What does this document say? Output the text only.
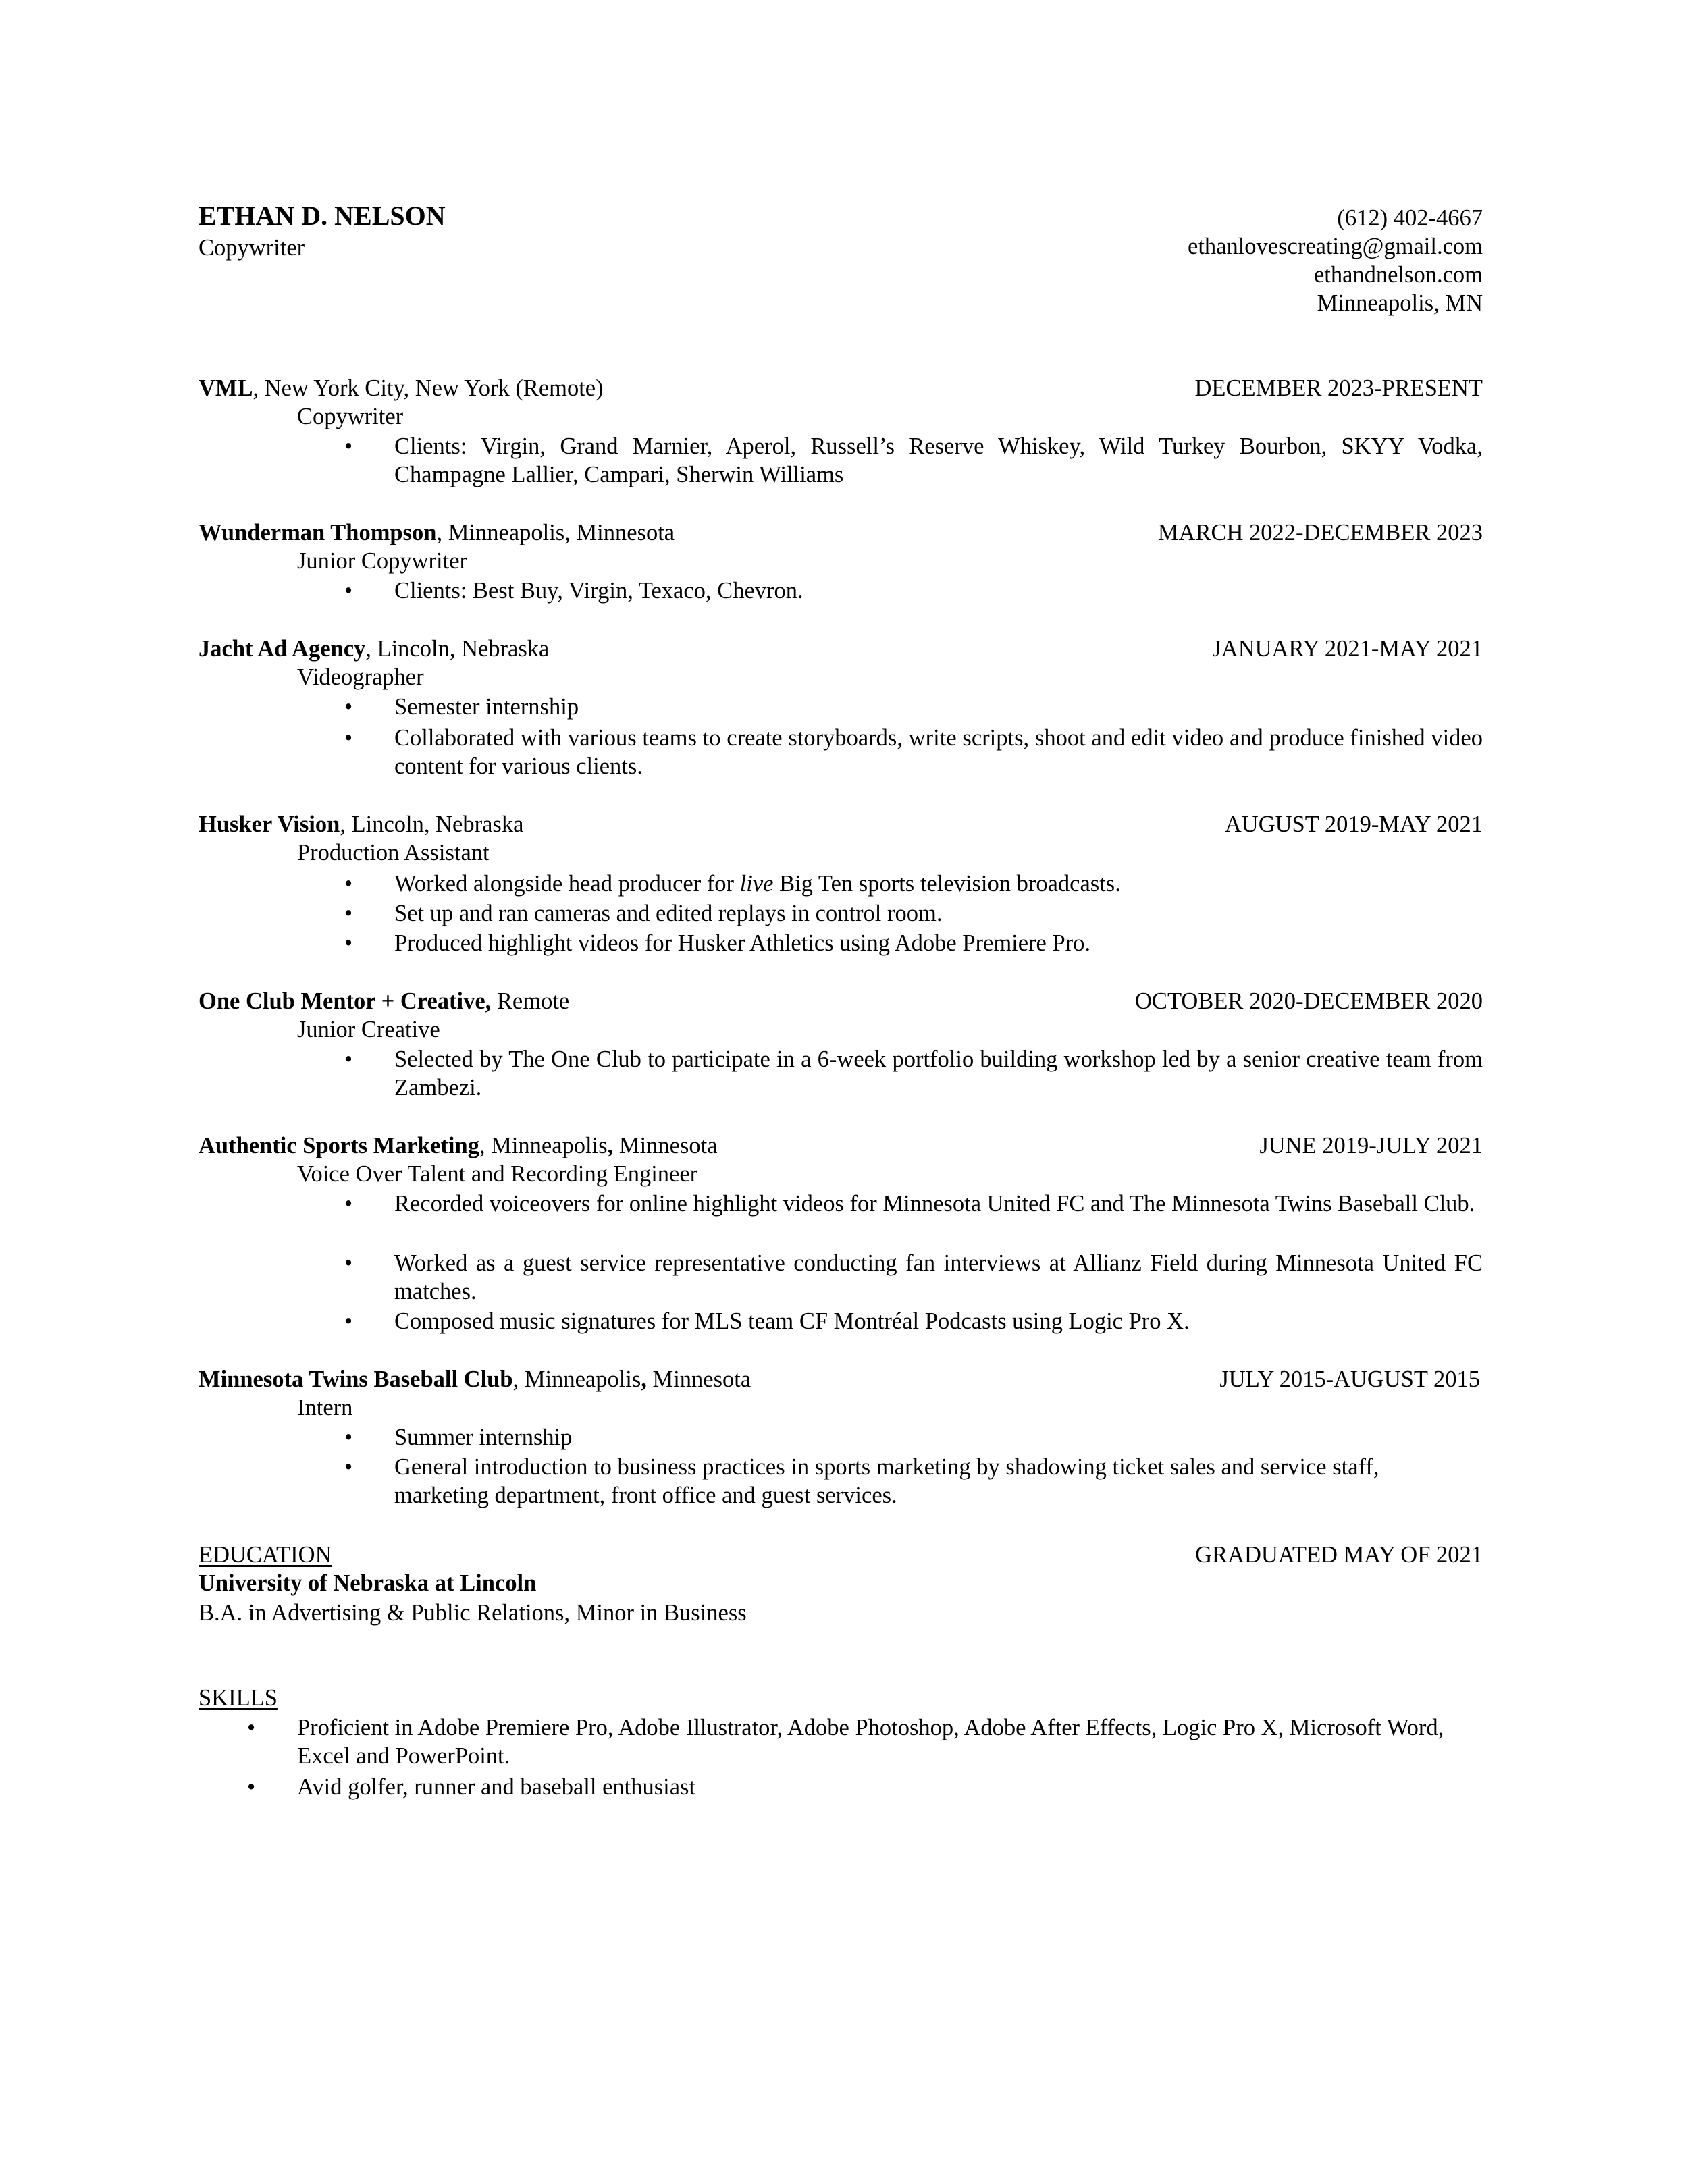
ETHAN D. NELSON
Copywriter
(612) 402-4667
ethanlovescreating@gmail.com
ethandnelson.com
Minneapolis, MN
VML, New York City, New York (Remote)	DECEMBER 2023-PRESENT
Copywriter
• Clients: Virgin, Grand Marnier, Aperol, Russell’s Reserve Whiskey, Wild Turkey Bourbon, SKYY Vodka, Champagne Lallier, Campari, Sherwin Williams
Wunderman Thompson, Minneapolis, Minnesota	MARCH 2022-DECEMBER 2023
Junior Copywriter
• Clients: Best Buy, Virgin, Texaco, Chevron.
Jacht Ad Agency, Lincoln, Nebraska	JANUARY 2021-MAY 2021
Videographer
• Semester internship
• Collaborated with various teams to create storyboards, write scripts, shoot and edit video and produce finished video content for various clients.
Husker Vision, Lincoln, Nebraska	AUGUST 2019-MAY 2021
Production Assistant
• Worked alongside head producer for live Big Ten sports television broadcasts.
• Set up and ran cameras and edited replays in control room.
• Produced highlight videos for Husker Athletics using Adobe Premiere Pro.
One Club Mentor + Creative, Remote	OCTOBER 2020-DECEMBER 2020
Junior Creative
• Selected by The One Club to participate in a 6-week portfolio building workshop led by a senior creative team from Zambezi.
Authentic Sports Marketing, Minneapolis, Minnesota	JUNE 2019-JULY 2021
Voice Over Talent and Recording Engineer
• Recorded voiceovers for online highlight videos for Minnesota United FC and The Minnesota Twins Baseball Club.
• Worked as a guest service representative conducting fan interviews at Allianz Field during Minnesota United FC matches.
• Composed music signatures for MLS team CF Montréal Podcasts using Logic Pro X.
Minnesota Twins Baseball Club, Minneapolis, Minnesota	JULY 2015-AUGUST 2015
Intern
• Summer internship
• General introduction to business practices in sports marketing by shadowing ticket sales and service staff, marketing department, front office and guest services.
EDUCATION	GRADUATED MAY OF 2021
University of Nebraska at Lincoln
B.A. in Advertising & Public Relations, Minor in Business
SKILLS
• Proficient in Adobe Premiere Pro, Adobe Illustrator, Adobe Photoshop, Adobe After Effects, Logic Pro X, Microsoft Word, Excel and PowerPoint.
• Avid golfer, runner and baseball enthusiast
